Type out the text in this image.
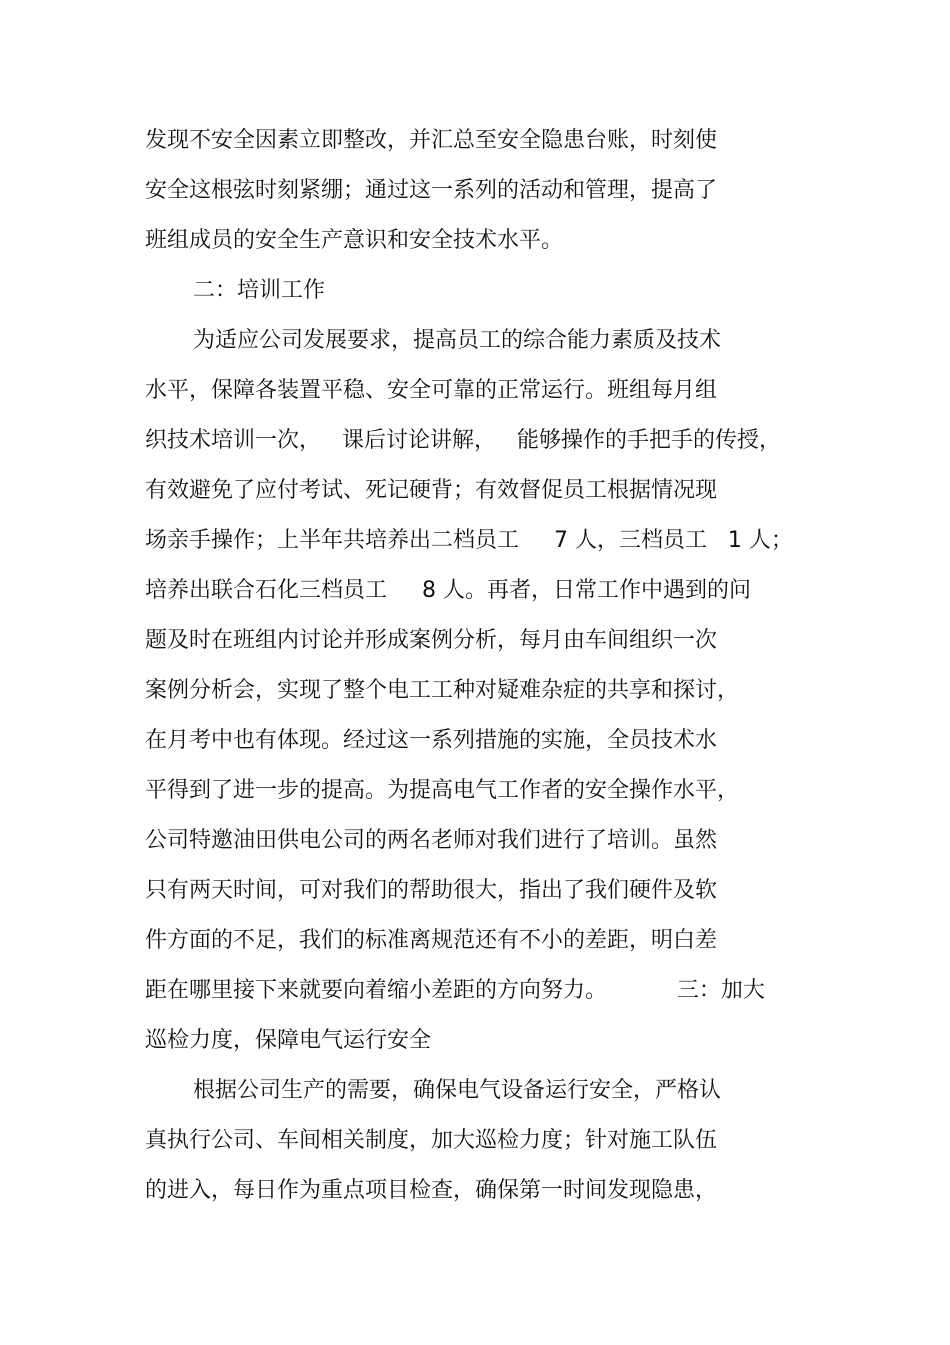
发现不安全因素立即整改，并汇总至安全隐患台账，时刻使
安全这根弦时刻紧绷；通过这一系列的活动和管理，提高了
班组成员的安全生产意识和安全技术水平。
二：培训工作
为适应公司发展要求，提高员工的综合能力素质及技术
水平，保障各装置平稳、安全可靠的正常运行。班组每月组
织技术培训一次，   课后讨论讲解，   能够操作的手把手的传授，
有效避免了应付考试、死记硬背；有效督促员工根据情况现
场亲手操作；上半年共培养出二档员工     7 人，三档员工   1 人；
培养出联合石化三档员工     8 人。再者，日常工作中遇到的问
题及时在班组内讨论并形成案例分析，每月由车间组织一次
案例分析会，实现了整个电工工种对疑难杂症的共享和探讨，
在月考中也有体现。经过这一系列措施的实施，全员技术水
平得到了进一步的提高。为提高电气工作者的安全操作水平，
公司特邀油田供电公司的两名老师对我们进行了培训。虽然
只有两天时间，可对我们的帮助很大，指出了我们硬件及软
件方面的不足，我们的标准离规范还有不小的差距，明白差
距在哪里接下来就要向着缩小差距的方向努力。          三：加大
巡检力度，保障电气运行安全
根据公司生产的需要，确保电气设备运行安全，严格认
真执行公司、车间相关制度，加大巡检力度；针对施工队伍
的进入，每日作为重点项目检查，确保第一时间发现隐患，
